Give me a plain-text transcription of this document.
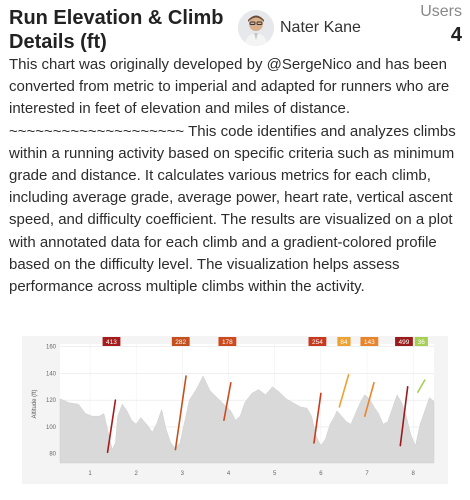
Run Elevation & Climb Details (ft)
Nater Kane
Users
4

This chart was originally developed by @SergeNico and has been converted from metric to imperial and adapted for runners who are interested in feet of elevation and miles of distance. ~~~~~~~~~~~~~~~~~~~~ This code identifies and analyzes climbs within a running activity based on specific criteria such as minimum grade and distance. It calculates various metrics for each climb, including average grade, average power, heart rate, vertical ascent speed, and difficulty coefficient. The results are visualized on a plot with annotated data for each climb and a gradient-colored profile based on the difficulty level. The visualization helps assess performance across multiple climbs within the activity.

413	282	178	254	84	143	499 36
80
100
120
140
160
1	2	3	4	5	6	7	8
Altitude (ft)
